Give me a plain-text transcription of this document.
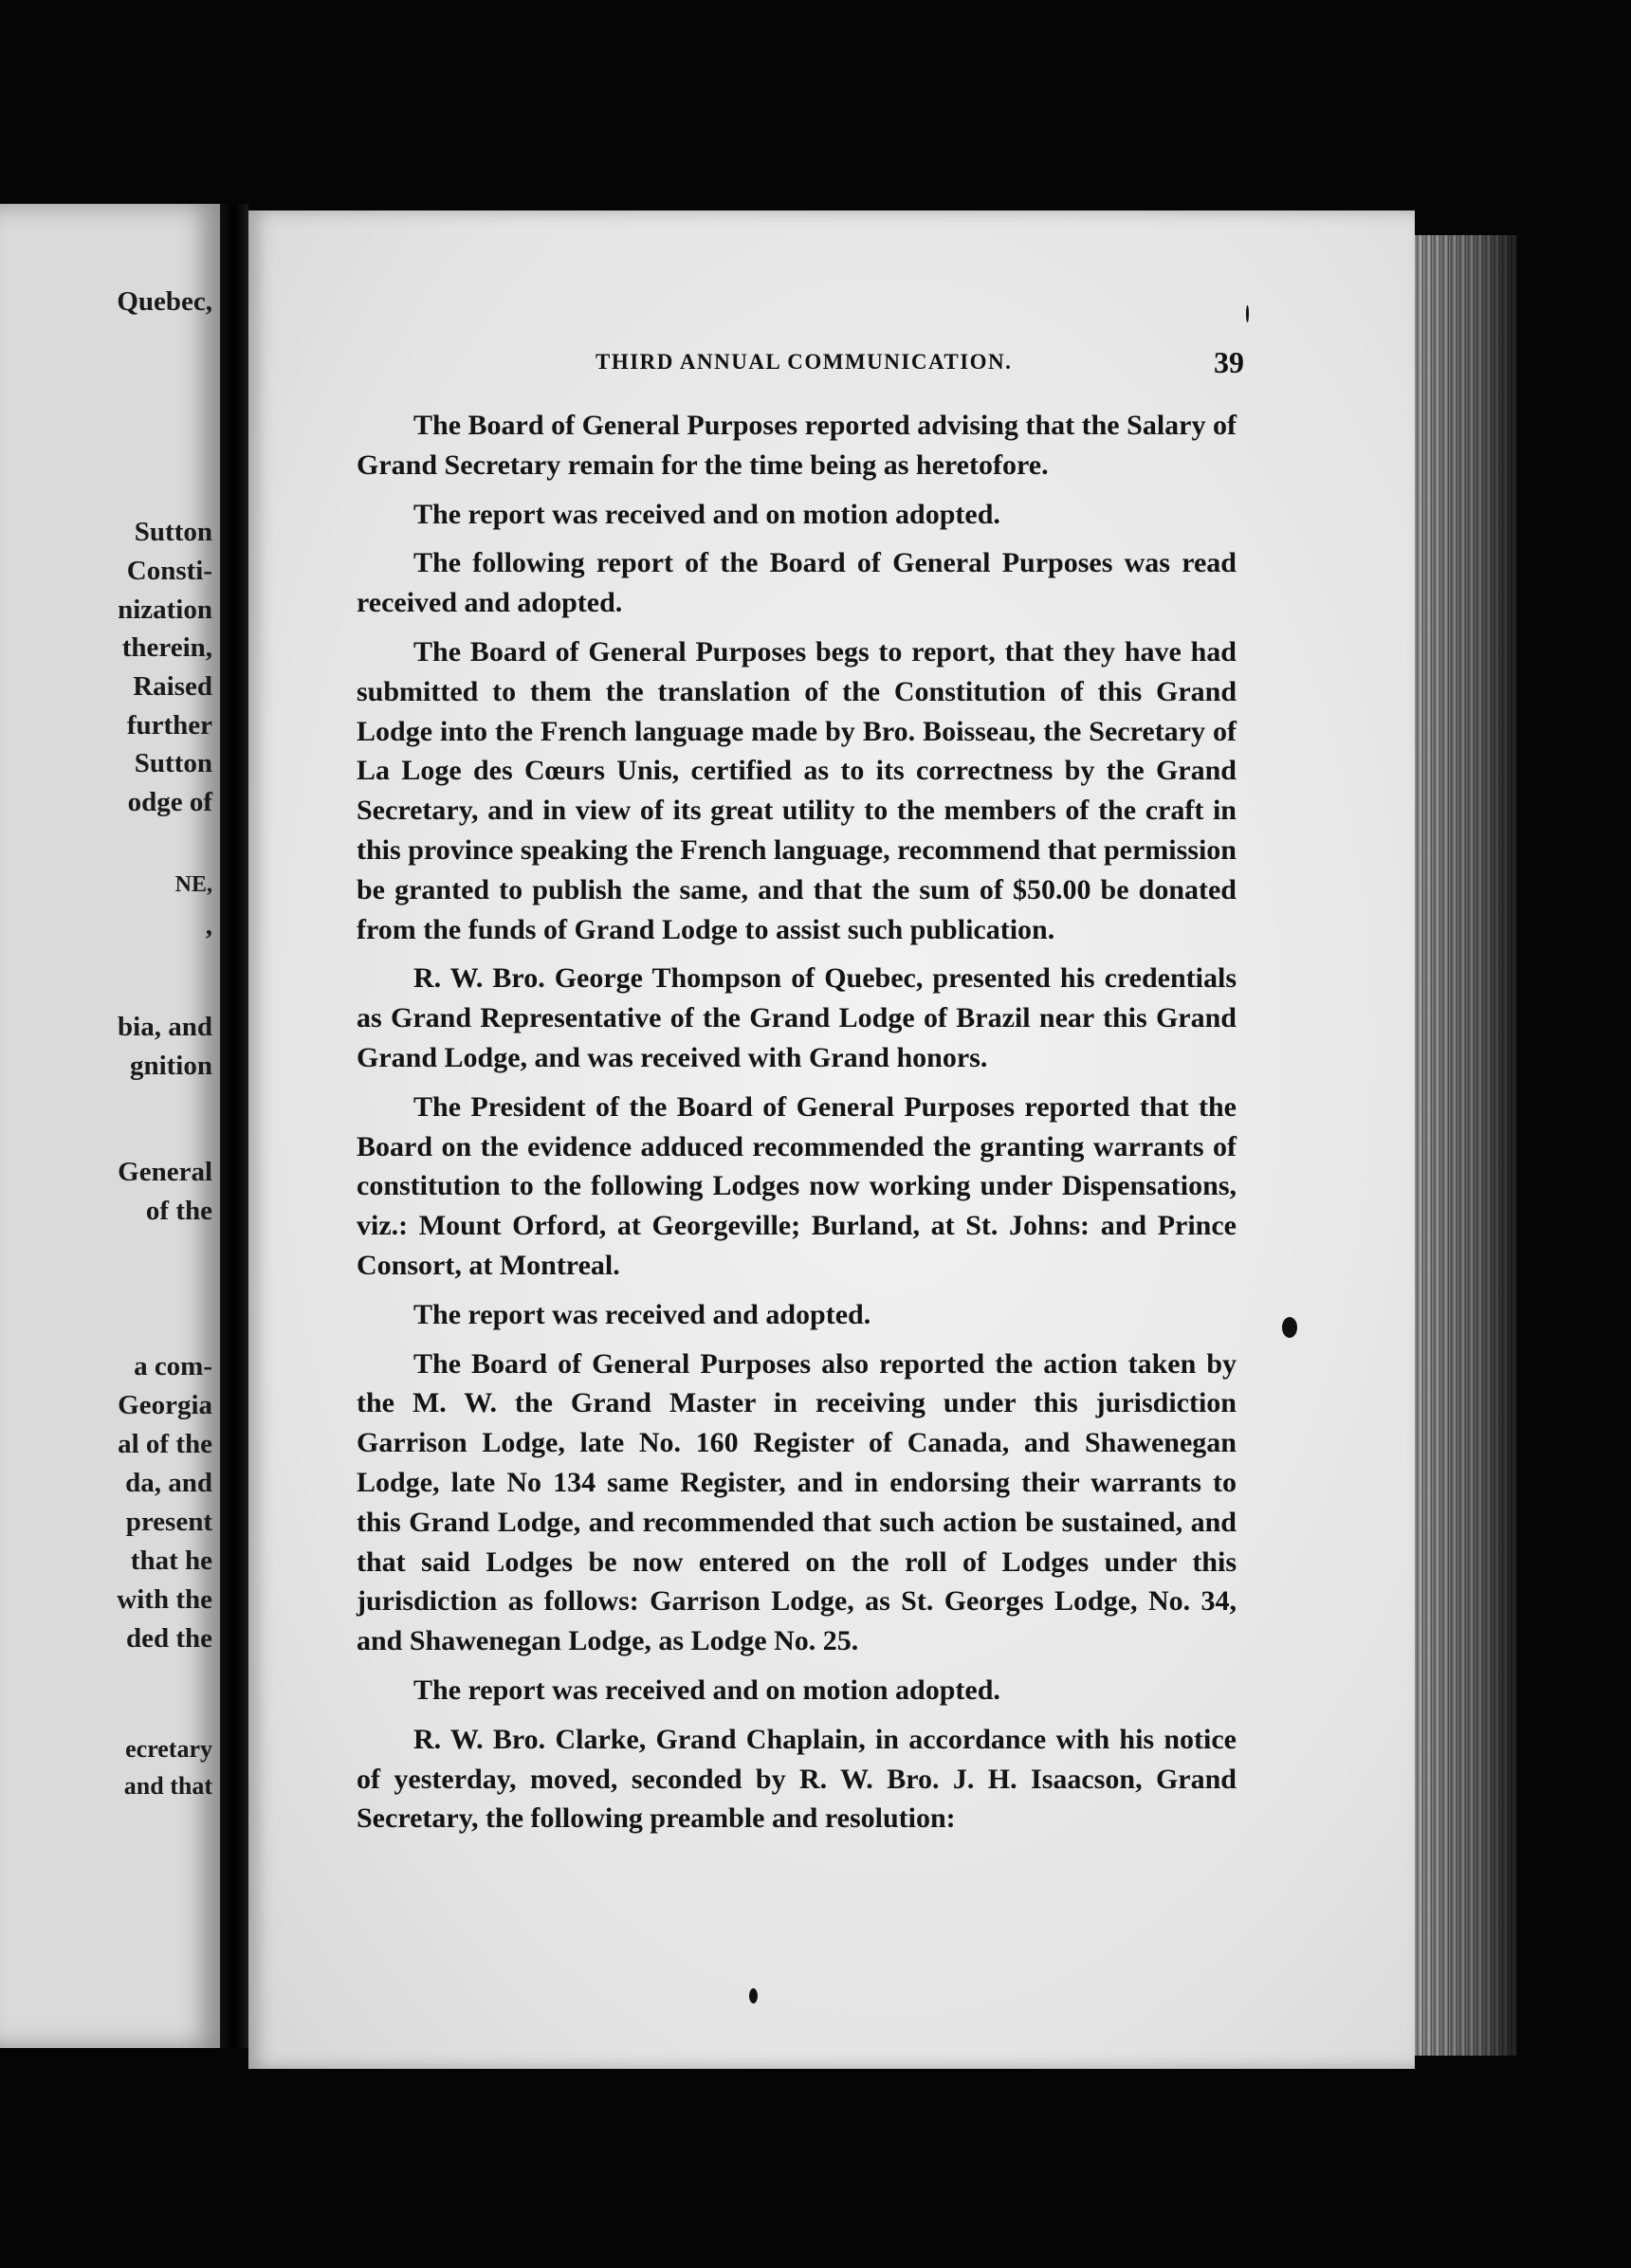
Quebec,
Sutton
Consti-
nization
therein,
Raised
further
Sutton
odge of
NE,
,
bia, and
gnition
General
of the
a com-
Georgia
al of the
da, and
present
that he
with the
ded the
ecretary
and that
THIRD ANNUAL COMMUNICATION.	39

The Board of General Purposes reported advising that the Salary of Grand Secretary remain for the time being as heretofore.

The report was received and on motion adopted.

The following report of the Board of General Purposes was read received and adopted.

The Board of General Purposes begs to report, that they have had submitted to them the translation of the Constitution of this Grand Lodge into the French language made by Bro. Boisseau, the Secretary of La Loge des Cœurs Unis, certified as to its correctness by the Grand Secretary, and in view of its great utility to the members of the craft in this province speaking the French language, recommend that permission be granted to publish the same, and that the sum of $50.00 be donated from the funds of Grand Lodge to assist such publication.

R. W. Bro. George Thompson of Quebec, presented his credentials as Grand Representative of the Grand Lodge of Brazil near this Grand Grand Lodge, and was received with Grand honors.

The President of the Board of General Purposes reported that the Board on the evidence adduced recommended the granting warrants of constitution to the following Lodges now working under Dispensations, viz.: Mount Orford, at Georgeville; Burland, at St. Johns: and Prince Consort, at Montreal.

The report was received and adopted.

The Board of General Purposes also reported the action taken by the M. W. the Grand Master in receiving under this jurisdiction Garrison Lodge, late No. 160 Register of Canada, and Shawenegan Lodge, late No 134 same Register, and in endorsing their warrants to this Grand Lodge, and recommended that such action be sustained, and that said Lodges be now entered on the roll of Lodges under this jurisdiction as follows: Garrison Lodge, as St. Georges Lodge, No. 34, and Shawenegan Lodge, as Lodge No. 25.

The report was received and on motion adopted.

R. W. Bro. Clarke, Grand Chaplain, in accordance with his notice of yesterday, moved, seconded by R. W. Bro. J. H. Isaacson, Grand Secretary, the following preamble and resolution:
